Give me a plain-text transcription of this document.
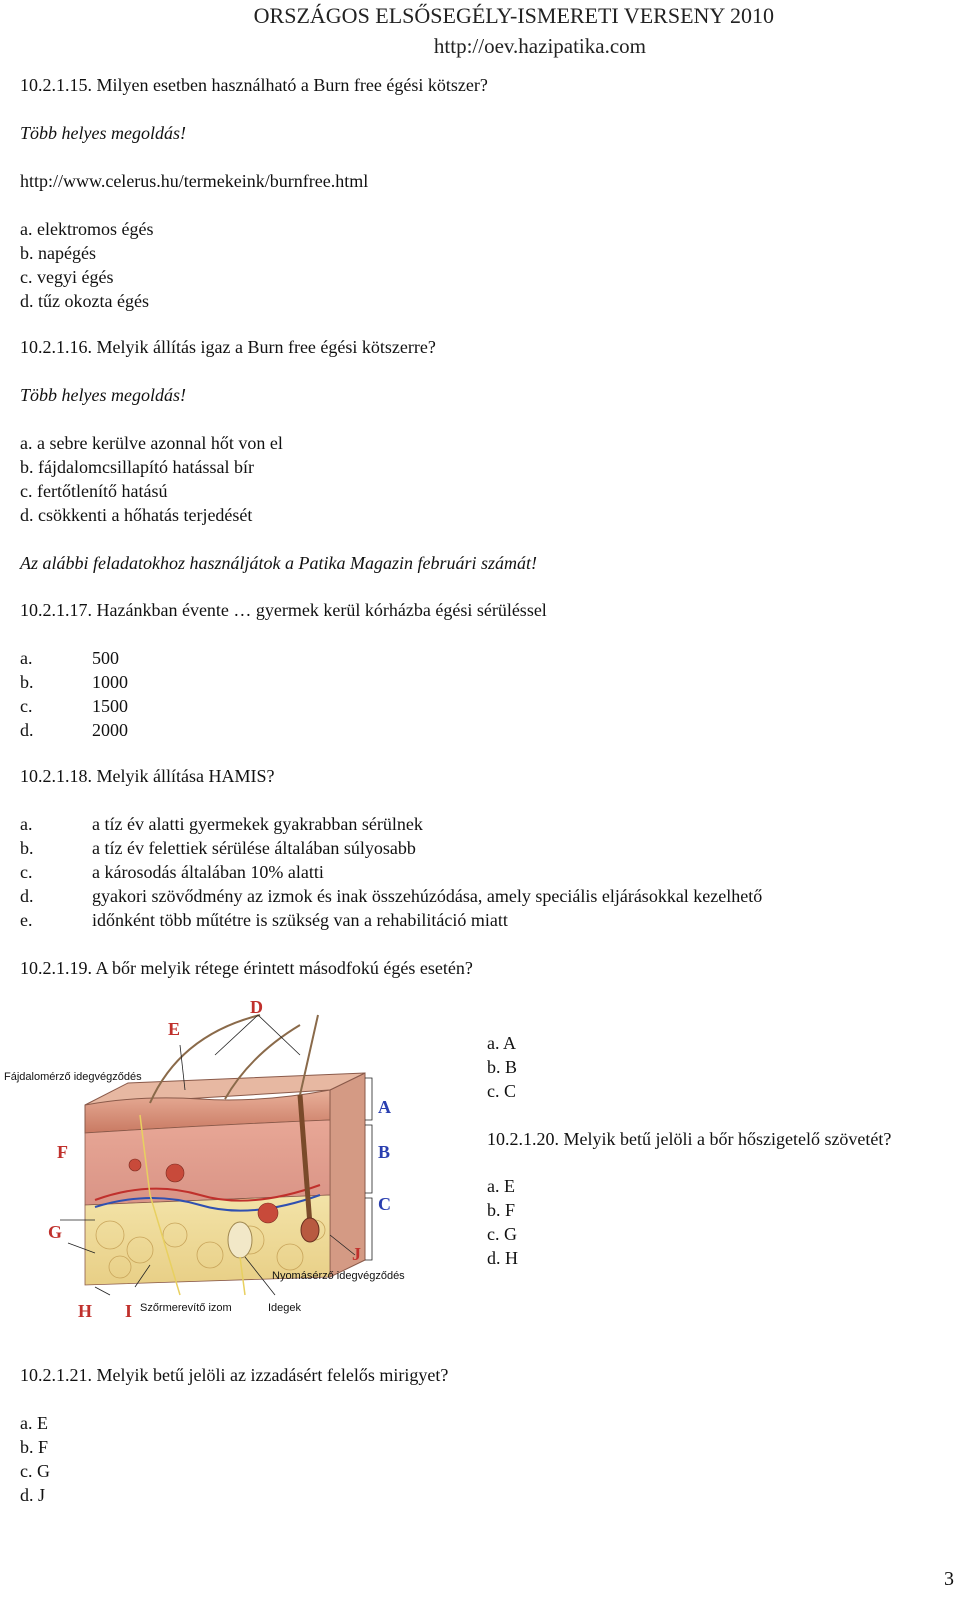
ORSZÁGOS ELSŐSEGÉLY-ISMERETI VERSENY 2010
http://oev.hazipatika.com
10.2.1.15. Milyen esetben használható a Burn free égési kötszer?
Több helyes megoldás!
http://www.celerus.hu/termekeink/burnfree.html
a. elektromos égés
b. napégés
c. vegyi égés
d. tűz okozta égés
10.2.1.16. Melyik állítás igaz a Burn free égési kötszerre?
Több helyes megoldás!
a. a sebre kerülve azonnal hőt von el
b. fájdalomcsillapító hatással bír
c. fertőtlenítő hatású
d. csökkenti a hőhatás terjedését
Az alábbi feladatokhoz használjátok a Patika Magazin februári számát!
10.2.1.17. Hazánkban évente … gyermek kerül kórházba égési sérüléssel
a.	500
b.	1000
c.	1500
d.	2000
10.2.1.18. Melyik állítása HAMIS?
a.	a tíz év alatti gyermekek gyakrabban sérülnek
b.	a tíz év felettiek sérülése általában súlyosabb
c.	a károsodás általában 10% alatti
d.	gyakori szövődmény az izmok és inak összehúzódása, amely speciális eljárásokkal kezelhető
e.	időnként több műtétre is szükség van a rehabilitáció miatt
10.2.1.19. A bőr melyik rétege érintett másodfokú égés esetén?
D
E
A
B
C
F
G
H I
J
Fájdalomérző idegvégződés
Nyomásérző idegvégződés
Szőrmerevítő izom	Idegek
a. A
b. B
c. C
10.2.1.20. Melyik betű jelöli a bőr hőszigetelő szövetét?
a. E
b. F
c. G
d. H
10.2.1.21. Melyik betű jelöli az izzadásért felelős mirigyet?
a. E
b. F
c. G
d. J
3
